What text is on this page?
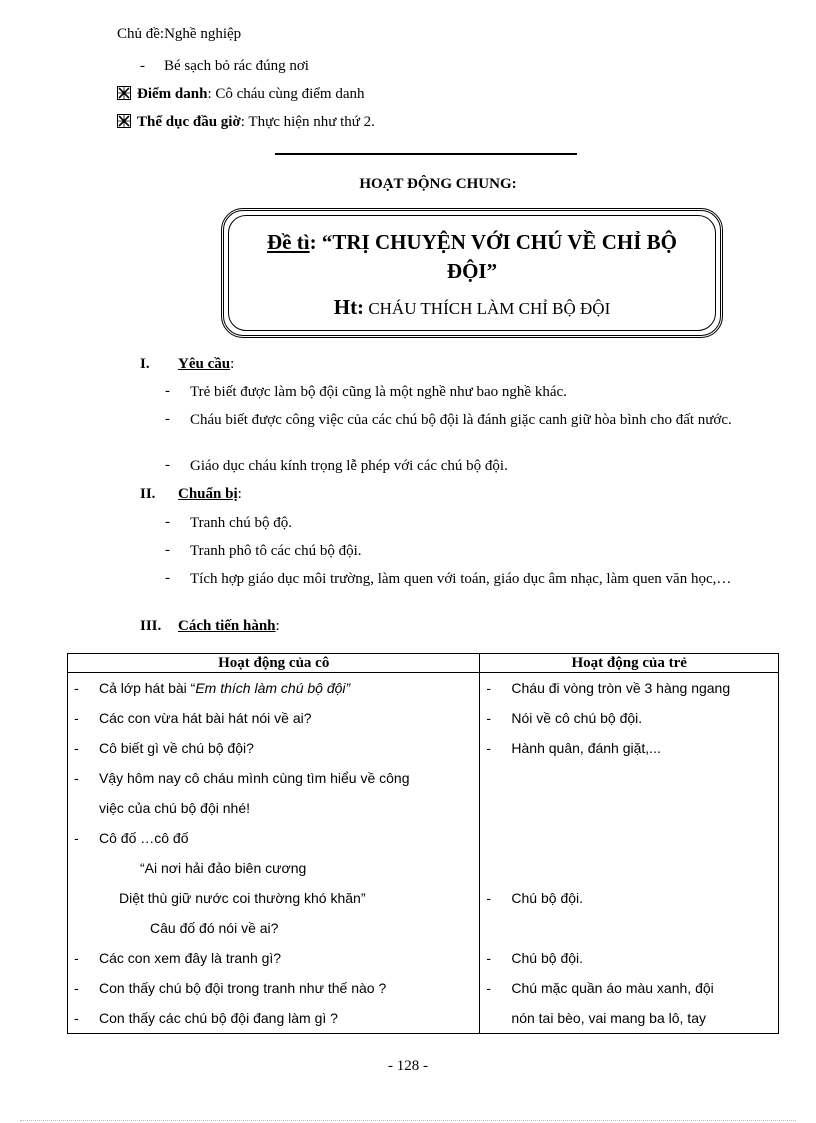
Chủ đề:Nghề nghiệp
- Bé sạch bỏ rác đúng nơi
Điểm danh: Cô cháu cùng điểm danh
Thể dục đầu giờ: Thực hiện như thứ 2.
HOẠT ĐỘNG CHUNG:
Đề tì: “TRỊ CHUYỆN VỚI CHÚ VỀ CHỈ BỘ
ĐỘI”
Ht: CHÁU THÍCH LÀM CHỈ BỘ ĐỘI
I. Yêu cầu:
- Trẻ biết được làm bộ đội cũng là một nghề như bao nghề khác.
- Cháu biết được công việc của các chú bộ đội là đánh giặc canh giữ hòa bình cho đất nước.
- Giáo dục cháu kính trọng lễ phép với các chú bộ đội.
II. Chuẩn bị:
- Tranh chú bộ độ.
- Tranh phô tô các chú bộ đội.
- Tích hợp giáo dục môi trường, làm quen với toán, giáo dục âm nhạc, làm quen văn học,…
III. Cách tiến hành:
Hoạt động của cô	Hoạt động của trẻ

- Cả lớp hát bài “Em thích làm chú bộ đội”	- Cháu đi vòng tròn về 3 hàng ngang

- Các con vừa hát bài hát nói về ai?	- Nói về cô chú bộ đội.

- Cô biết gì về chú bộ đội?	- Hành quân, đánh giặt,...

- Vậy hôm nay cô cháu mình cùng tìm hiểu về công	

việc của chú bộ đội nhé!	

- Cô đố …cô đố	

“Ai nơi hải đảo biên cương	

Diệt thù giữ nước coi thường khó khăn”	- Chú bộ đội.

Câu đố đó nói về ai?	

- Các con xem đây là tranh gì?	- Chú bộ đội.

- Con thấy chú bộ đội trong tranh như thế nào ?	- Chú mặc quần áo màu xanh, đội

- Con thấy các chú bộ đội đang làm gì ?	nón tai bèo, vai mang ba lô, tay
- 128 -
